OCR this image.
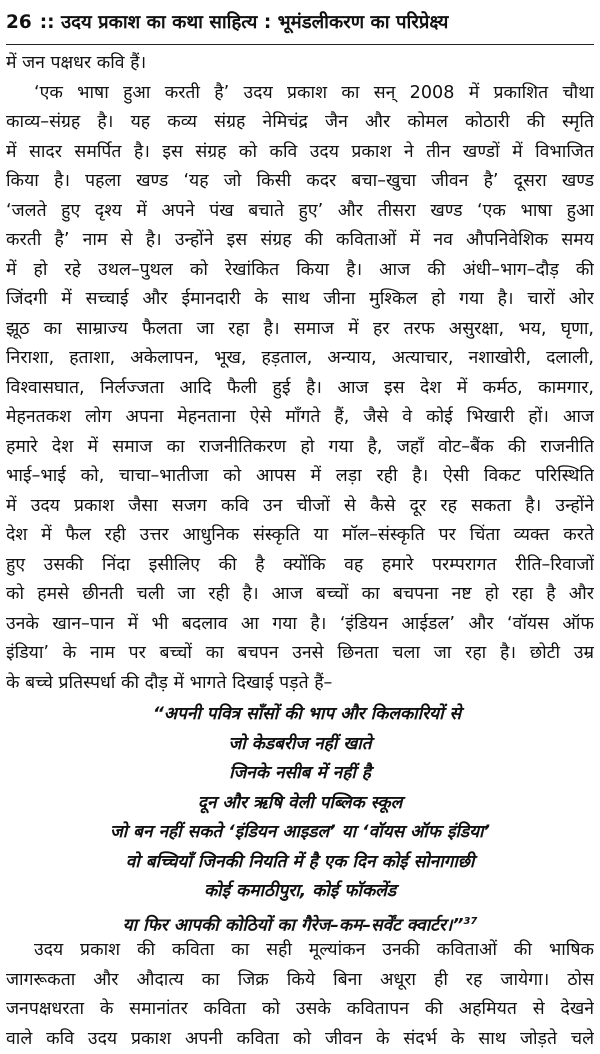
26 :: उदय प्रकाश का कथा साहित्य : भूमंडलीकरण का परिप्रेक्ष्य
में जन पक्षधर कवि हैं।
‘एक भाषा हुआ करती है’ उदय प्रकाश का सन् 2008 में प्रकाशित चौथा
काव्य–संग्रह है। यह कव्य संग्रह नेमिचंद्र जैन और कोमल कोठारी की स्मृति
में सादर समर्पित है। इस संग्रह को कवि उदय प्रकाश ने तीन खण्डों में विभाजित
किया है। पहला खण्ड ‘यह जो किसी कदर बचा–खुचा जीवन है’ दूसरा खण्ड
‘जलते हुए दृश्य में अपने पंख बचाते हुए’ और तीसरा खण्ड ‘एक भाषा हुआ
करती है’ नाम से है। उन्होंने इस संग्रह की कविताओं में नव औपनिवेशिक समय
में हो रहे उथल–पुथल को रेखांकित किया है। आज की अंधी–भाग–दौड़ की
जिंदगी में सच्चाई और ईमानदारी के साथ जीना मुश्किल हो गया है। चारों ओर
झूठ का साम्राज्य फैलता जा रहा है। समाज में हर तरफ असुरक्षा, भय, घृणा,
निराशा, हताशा, अकेलापन, भूख, हड़ताल, अन्याय, अत्याचार, नशाखोरी, दलाली,
विश्वासघात, निर्लज्जता आदि फैली हुई है। आज इस देश में कर्मठ, कामगार,
मेहनतकश लोग अपना मेहनताना ऐसे माँगते हैं, जैसे वे कोई भिखारी हों। आज
हमारे देश में समाज का राजनीतिकरण हो गया है, जहाँ वोट–बैंक की राजनीति
भाई–भाई को, चाचा–भातीजा को आपस में लड़ा रही है। ऐसी विकट परिस्थिति
में उदय प्रकाश जैसा सजग कवि उन चीजों से कैसे दूर रह सकता है। उन्होंने
देश में फैल रही उत्तर आधुनिक संस्कृति या मॉल–संस्कृति पर चिंता व्यक्त करते
हुए उसकी निंदा इसीलिए की है क्योंकि वह हमारे परम्परागत रीति–रिवाजों
को हमसे छीनती चली जा रही है। आज बच्चों का बचपना नष्ट हो रहा है और
उनके खान–पान में भी बदलाव आ गया है। ‘इंडियन आईडल’ और ‘वॉयस ऑफ
इंडिया’ के नाम पर बच्चों का बचपन उनसे छिनता चला जा रहा है। छोटी उम्र
के बच्चे प्रतिस्पर्धा की दौड़ में भागते दिखाई पड़ते हैं–
“अपनी पवित्र साँसों की भाप और किलकारियों से
जो केडबरीज नहीं खाते
जिनके नसीब में नहीं है
दून और ऋषि वेली पब्लिक स्कूल
जो बन नहीं सकते ‘इंडियन आइडल’ या ‘वॉयस ऑफ इंडिया’
वो बच्चियाँ जिनकी नियति में है एक दिन कोई सोनागाछी
कोई कमाठीपुरा, कोई फॉकलेंड
या फिर आपकी कोठियों का गैरेज–कम–सर्वेंट क्वार्टर।”$^{37}$
उदय प्रकाश की कविता का सही मूल्यांकन उनकी कविताओं की भाषिक
जागरूकता और औदात्य का जिक्र किये बिना अधूरा ही रह जायेगा। ठोस
जनपक्षधरता के समानांतर कविता को उसके कवितापन की अहमियत से देखने
वाले कवि उदय प्रकाश अपनी कविता को जीवन के संदर्भ के साथ जोड़ते चले
